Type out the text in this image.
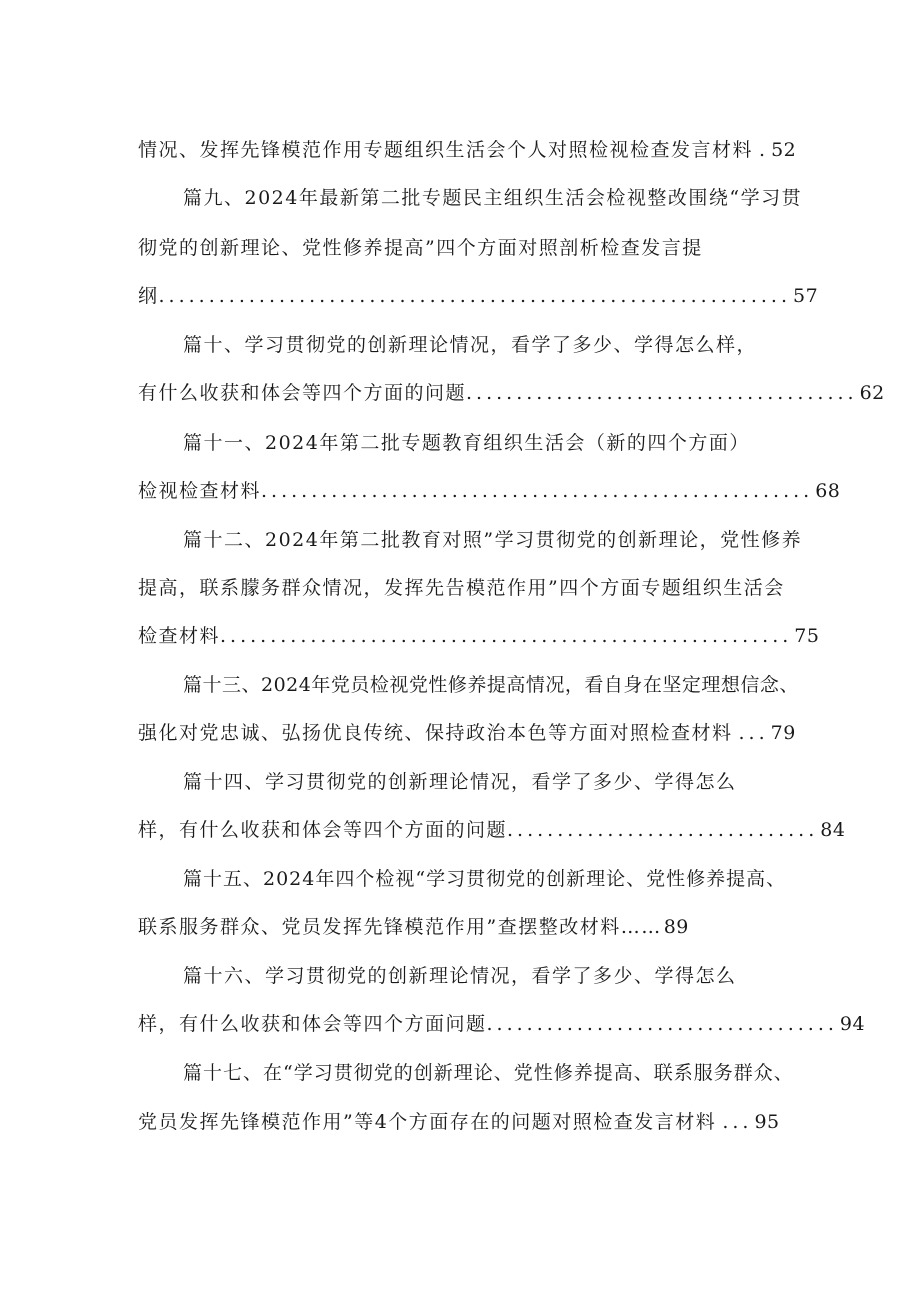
情况、发挥先锋模范作用专题组织生活会个人对照检视检查发言材料 . 52
篇九、2024年最新第二批专题民主组织生活会检视整改围绕“学习贯
彻党的创新理论、党性修养提高”四个方面对照剖析检查发言提
纲 ............................................................... 57
篇十、学习贯彻党的创新理论情况，看学了多少、学得怎么样，
有什么收获和体会等四个方面的问题 ....................................... 62
篇十一、2024年第二批专题教育组织生活会（新的四个方面）
检视检查材料 ....................................................... 68
篇十二、2024年第二批教育对照”学习贯彻党的创新理论，党性修养
提高，联系朦务群众情况，发挥先告模范作用”四个方面专题组织生活会
检查材料 ......................................................... 75
篇十三、2024年党员检视党性修养提高情况，看自身在坚定理想信念、
强化对党忠诚、弘扬优良传统、保持政治本色等方面对照检查材料 ... 79
篇十四、学习贯彻党的创新理论情况，看学了多少、学得怎么
样，有什么收获和体会等四个方面的问题 ............................... 84
篇十五、2024年四个检视“学习贯彻党的创新理论、党性修养提高、
联系服务群众、党员发挥先锋模范作用”查摆整改材料 …… 89
篇十六、学习贯彻党的创新理论情况，看学了多少、学得怎么
样，有什么收获和体会等四个方面问题 ................................... 94
篇十七、在“学习贯彻党的创新理论、党性修养提高、联系服务群众、
党员发挥先锋模范作用”等4个方面存在的问题对照检查发言材料 ... 95
